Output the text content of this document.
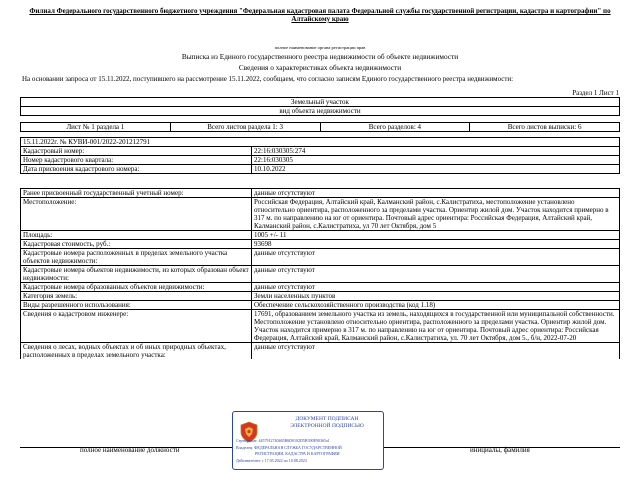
Филиал Федерального государственного бюджетного учреждения "Федеральная кадастровая палата Федеральной службы государственной регистрации, кадастра и картографии" по Алтайскому краю
полное наименование органа регистрации прав
Выписка из Единого государственного реестра недвижимости об объекте недвижимости
Сведения о характеристиках объекта недвижимости
На основании запроса от 15.11.2022, поступившего на рассмотрение 15.11.2022, сообщаем, что согласно записям Единого государственного реестра недвижимости:
Раздел 1 Лист 1
Земельный участок
вид объекта недвижимости

Лист № 1 раздела 1	Всего листов раздела 1: 3	Всего разделов: 4	Всего листов выписки: 6
15.11.2022г. № КУВИ-001/2022-201212791	
Кадастровый номер:	22:16:030305:274
Номер кадастрового квартала:	22:16:030305
Дата присвоения кадастрового номера:	10.10.2022
Ранее присвоенный государственный учетный номер:	данные отсутствуют
Местоположение:	Российская Федерация, Алтайский край, Калманский район, с.Калистратиха, местоположение установлено относительно ориентира, расположенного за пределами участка. Ориентир жилой дом. Участок находится примерно в 317 м. по направлению на юг от ориентира. Почтовый адрес ориентира: Российская Федерация, Алтайский край, Калманский район, с.Калистратиха, ул 70 лет Октября, дом 5
Площадь:	1005 +/- 11
Кадастровая стоимость, руб.:	93698
Кадастровые номера расположенных в пределах земельного участка объектов недвижимости:	данные отсутствуют
Кадастровые номера объектов недвижимости, из которых образован объект недвижимости:	данные отсутствуют
Кадастровые номера образованных объектов недвижимости:	данные отсутствуют
Категория земель:	Земли населенных пунктов
Виды разрешенного использования:	Обеспечение сельскохозяйственного производства (код 1.18)
Сведения о кадастровом инженере:	17691, образованием земельного участка из земель, находящихся в государственной или муниципальной собственности. Местоположение установлено относительно ориентира, расположенного за пределами участка. Ориентир жилой дом. Участок находится примерно в 317 м. по направлению на юг от ориентира. Почтовый адрес ориентира: Российская Федерация, Алтайский край, Калманский район, с.Калистратиха, ул. 70 лет Октября, дом 5., б/н, 2022-07-20
Сведения о лесах, водных объектах и об иных природных объектах, расположенных в пределах земельного участка:	данные отсутствуют
полное наименование должности	инициалы, фамилия
ДОКУМЕНТ ПОДПИСАН
ЭЛЕКТРОННОЙ ПОДПИСЬЮ
Сертификат: 4457912740465B6D0102D5B390E90365a1
Владелец: ФЕДЕРАЛЬНАЯ СЛУЖБА ГОСУДАРСТВЕННОЙ
РЕГИСТРАЦИИ, КАДАСТРА И КАРТОГРАФИИ
Действителен: с 17.05.2022 по 10.08.2023
